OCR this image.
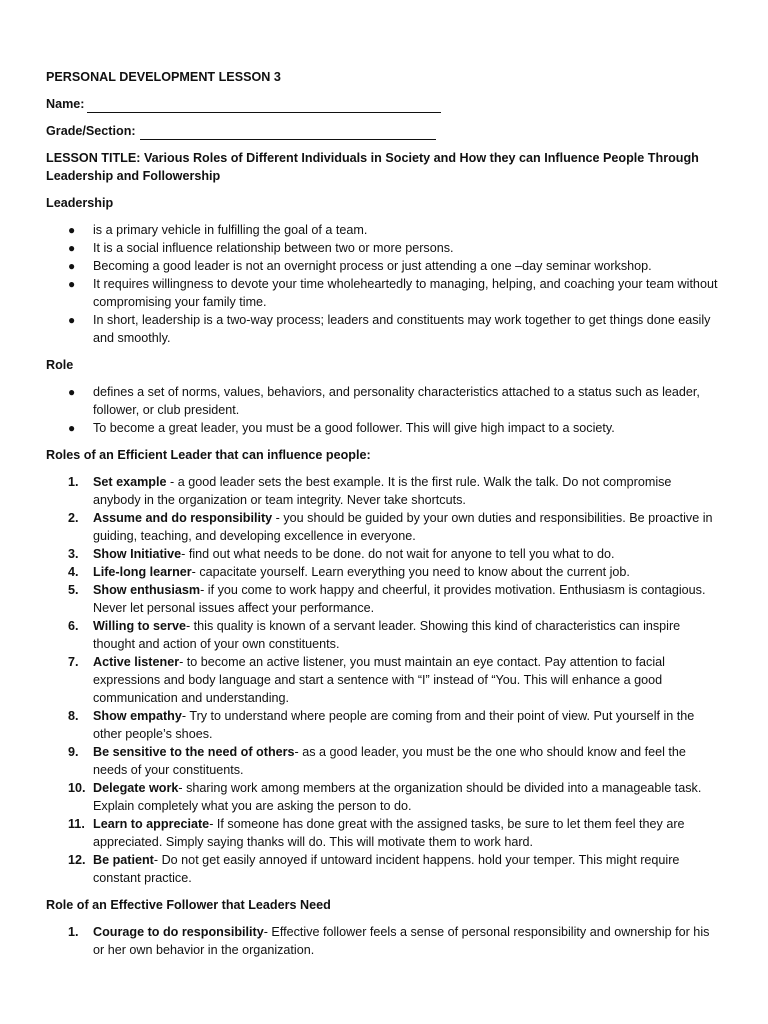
PERSONAL DEVELOPMENT LESSON 3
Name:
Grade/Section:
LESSON TITLE: Various Roles of Different Individuals in Society and How they can Influence People Through Leadership and Followership
Leadership
● is a primary vehicle in fulfilling the goal of a team.
● It is a social influence relationship between two or more persons.
● Becoming a good leader is not an overnight process or just attending a one –day seminar workshop.
● It requires willingness to devote your time wholeheartedly to managing, helping, and coaching your team without compromising your family time.
● In short, leadership is a two-way process; leaders and constituents may work together to get things done easily and smoothly.
Role
● defines a set of norms, values, behaviors, and personality characteristics attached to a status such as leader, follower, or club president.
● To become a great leader, you must be a good follower. This will give high impact to a society.
Roles of an Efficient Leader that can influence people:
1. Set example - a good leader sets the best example. It is the first rule. Walk the talk. Do not compromise anybody in the organization or team integrity. Never take shortcuts.
2. Assume and do responsibility - you should be guided by your own duties and responsibilities. Be proactive in guiding, teaching, and developing excellence in everyone.
3. Show Initiative- find out what needs to be done. do not wait for anyone to tell you what to do.
4. Life-long learner- capacitate yourself. Learn everything you need to know about the current job.
5. Show enthusiasm- if you come to work happy and cheerful, it provides motivation. Enthusiasm is contagious. Never let personal issues affect your performance.
6. Willing to serve- this quality is known of a servant leader. Showing this kind of characteristics can inspire thought and action of your own constituents.
7. Active listener- to become an active listener, you must maintain an eye contact. Pay attention to facial expressions and body language and start a sentence with “I” instead of “You. This will enhance a good communication and understanding.
8. Show empathy- Try to understand where people are coming from and their point of view. Put yourself in the other people’s shoes.
9. Be sensitive to the need of others- as a good leader, you must be the one who should know and feel the needs of your constituents.
10. Delegate work- sharing work among members at the organization should be divided into a manageable task. Explain completely what you are asking the person to do.
11. Learn to appreciate- If someone has done great with the assigned tasks, be sure to let them feel they are appreciated. Simply saying thanks will do. This will motivate them to work hard.
12. Be patient- Do not get easily annoyed if untoward incident happens. hold your temper. This might require constant practice.
Role of an Effective Follower that Leaders Need
1. Courage to do responsibility- Effective follower feels a sense of personal responsibility and ownership for his or her own behavior in the organization.
